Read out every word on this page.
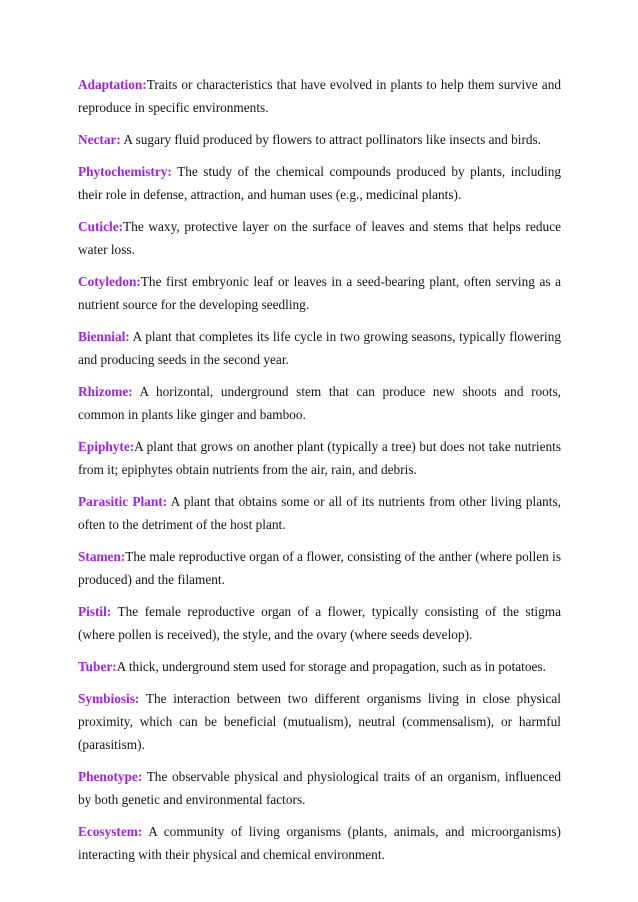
Adaptation:Traits or characteristics that have evolved in plants to help them survive and reproduce in specific environments.

Nectar: A sugary fluid produced by flowers to attract pollinators like insects and birds.

Phytochemistry: The study of the chemical compounds produced by plants, including their role in defense, attraction, and human uses (e.g., medicinal plants).

Cuticle:The waxy, protective layer on the surface of leaves and stems that helps reduce water loss.

Cotyledon:The first embryonic leaf or leaves in a seed-bearing plant, often serving as a nutrient source for the developing seedling.

Biennial: A plant that completes its life cycle in two growing seasons, typically flowering and producing seeds in the second year.

Rhizome: A horizontal, underground stem that can produce new shoots and roots, common in plants like ginger and bamboo.

Epiphyte:A plant that grows on another plant (typically a tree) but does not take nutrients from it; epiphytes obtain nutrients from the air, rain, and debris.

Parasitic Plant: A plant that obtains some or all of its nutrients from other living plants, often to the detriment of the host plant.

Stamen:The male reproductive organ of a flower, consisting of the anther (where pollen is produced) and the filament.

Pistil: The female reproductive organ of a flower, typically consisting of the stigma (where pollen is received), the style, and the ovary (where seeds develop).

Tuber:A thick, underground stem used for storage and propagation, such as in potatoes.

Symbiosis: The interaction between two different organisms living in close physical proximity, which can be beneficial (mutualism), neutral (commensalism), or harmful (parasitism).

Phenotype: The observable physical and physiological traits of an organism, influenced by both genetic and environmental factors.

Ecosystem: A community of living organisms (plants, animals, and microorganisms) interacting with their physical and chemical environment.
